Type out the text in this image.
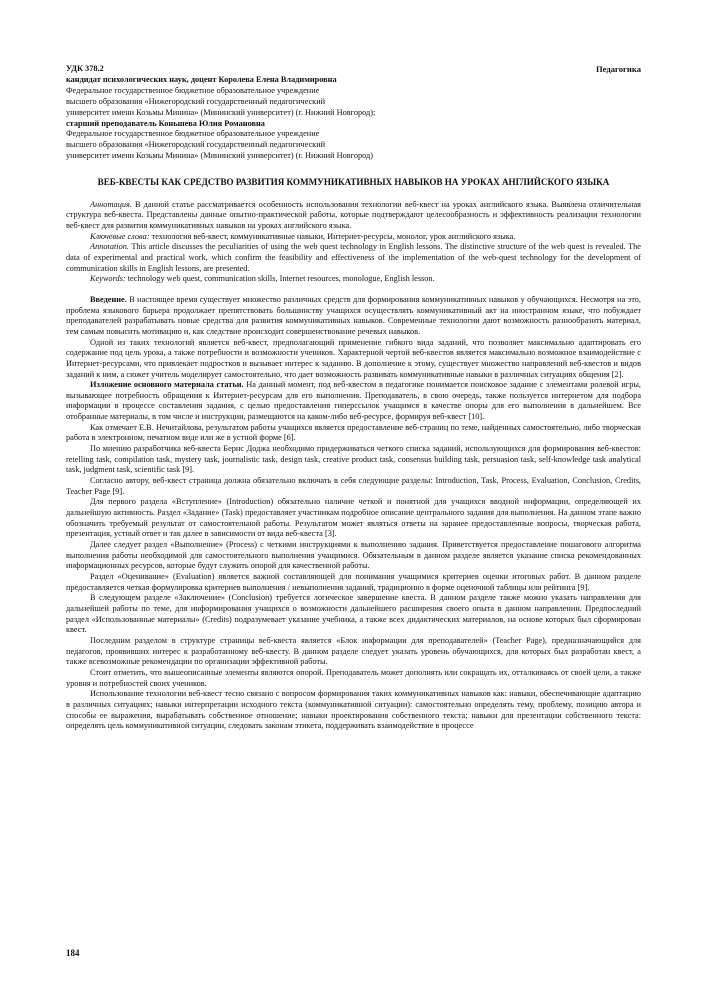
Педагогика
УДК 378.2
кандидат психологических наук, доцент Королева Елена Владимировна
Федеральное государственное бюджетное образовательное учреждение
высшего образования «Нижегородский государственный педагогический
университет имени Козьмы Минина» (Мининский университет) (г. Нижний Новгород);
старший преподаватель Коньшева Юлия Романовна
Федеральное государственное бюджетное образовательное учреждение
высшего образования «Нижегородский государственный педагогический
университет имени Козьмы Минина» (Мининский университет) (г. Нижний Новгород)
ВЕБ-КВЕСТЫ КАК СРЕДСТВО РАЗВИТИЯ КОММУНИКАТИВНЫХ НАВЫКОВ НА УРОКАХ АНГЛИЙСКОГО ЯЗЫКА

Аннотация. В данной статье рассматривается особенность использования технологии веб-квест на уроках английского языка. Выявлена отличительная структура веб-квеста. Представлены данные опытно-практической работы, которые подтверждают целесообразность и эффективность реализации технологии веб-квест для развития коммуникативных навыков на уроках английского языка.

Ключевые слова: технология веб-квест, коммуникативные навыки, Интернет-ресурсы, монолог, урок английского языка.

Annotation. This article discusses the peculiarities of using the web quest technology in English lessons. The distinctive structure of the web quest is revealed. The data of experimental and practical work, which confirm the feasibility and effectiveness of the implementation of the web-quest technology for the development of communication skills in English lessons, are presented.

Keywords: technology web quest, communication skills, Internet resources, monologue, English lesson.

Введение. В настоящее время существует множество различных средств для формирования коммуникативных навыков у обучающихся. Несмотря на это, проблема языкового барьера продолжает препятствовать большинству учащихся осуществлять коммуникативный акт на иностранном языке, что побуждает преподавателей разрабатывать новые средства для развития коммуникативных навыков. Современные технологии дают возможность разнообразить материал, тем самым повысить мотивацию и, как следствие происходит совершенствование речевых навыков.

Одной из таких технологий является веб-квест, предполагающий применение гибкого вида заданий, что позволяет максимально адаптировать его содержание под цель урока, а также потребности и возможности учеников. Характерной чертой веб-квестов является максимально возможное взаимодействие с Интернет-ресурсами, что привлекает подростков и вызывает интерес к заданию. В дополнение к этому, существует множество направлений веб-квестов и видов заданий к ним, а сюжет учитель моделирует самостоятельно, что дает возможность развивать коммуникативные навыки в различных ситуациях общения [2].

Изложение основного материала статьи. На данный момент, под веб-квестом в педагогике понимается поисковое задание с элементами ролевой игры, вызывающее потребность обращения к Интернет-ресурсам для его выполнения. Преподаватель, в свою очередь, также пользуется интернетом для подбора информации в процессе составления задания, с целью предоставления гиперссылок учащимся в качестве опоры для его выполнения в дальнейшем. Все отобранные материалы, в том числе и инструкции, размещаются на каком-либо веб-ресурсе, формируя веб-квест [10].

Как отмечает Е.В. Нечитайлова, результатом работы учащихся является предоставление веб-страниц по теме, найденных самостоятельно, либо творческая работа в электронном, печатном виде или же в устной форме [6].

По мнению разработчика веб-квеста Бернс Доджа необходимо придерживаться четкого списка заданий, использующихся для формирования веб-квестов: retelling task, compilation task, mystery task, journalistic task, design task, creative product task, consensus building task, persuasion task, self-knowledge task analytical task, judgment task, scientific task [9].

Согласно автору, веб-квест страница должна обязательно включать в себя следующие разделы: Introduction, Task, Process, Evaluation, Conclusion, Credits, Teacher Page [9].

Для первого раздела «Вступление» (Introduction) обязательно наличие четкой и понятной для учащихся вводной информации, определяющей их дальнейшую активность. Раздел «Задание» (Task) предоставляет участникам подробное описание центрального задания для выполнения. На данном этапе важно обозначить требуемый результат от самостоятельной работы. Результатом может являться ответы на заранее предоставленные вопросы, творческая работа, презентация, устный ответ и так далее в зависимости от вида веб-квеста [3].

Далее следует раздел «Выполнение» (Process) с четкими инструкциями к выполнению задания. Приветствуется предоставление пошагового алгоритма выполнения работы необходимой для самостоятельного выполнения учащимися. Обязательным в данном разделе является указание списка рекомендованных информационных ресурсов, которые будут служить опорой для качественной работы.

Раздел «Оценивание» (Evaluation) является важной составляющей для понимания учащимися критериев оценки итоговых работ. В данном разделе предоставляется четкая формулировка критериев выполнения / невыполнения заданий, традиционно в форме оценочной таблицы или рейтинга [9].

В следующем разделе «Заключение» (Conclusion) требуется логическое завершение квеста. В данном разделе также можно указать направления для дальнейшей работы по теме, для информирования учащихся о возможности дальнейшего расширения своего опыта в данном направлении. Предпоследний раздел «Использованные материалы» (Credits) подразумевает указание учебника, а также всех дидактических материалов, на основе которых был сформирован квест.

Последним разделом в структуре страницы веб-квеста является «Блок информации для преподавателей» (Teacher Page), предназначающийся для педагогов, проявивших интерес к разработанному веб-квесту. В данном разделе следует указать уровень обучающихся, для которых был разработан квест, а также всевозможные рекомендации по организации эффективной работы.

Стоит отметить, что вышеописанные элементы являются опорой. Преподаватель может дополнять или сокращать их, отталкиваясь от своей цели, а также уровня и потребностей своих учеников.

Использование технологии веб-квест тесно связано с вопросом формирования таких коммуникативных навыков как: навыки, обеспечивающие адаптацию в различных ситуациях; навыки интерпретации исходного текста (коммуникативной ситуации): самостоятельно определять тему, проблему, позицию автора и способы ее выражения, вырабатывать собственное отношение; навыки проектирования собственного текста; навыки для презентации собственного текста: определять цель коммуникативной ситуации, следовать законам этикета, поддерживать взаимодействие в процессе

184
